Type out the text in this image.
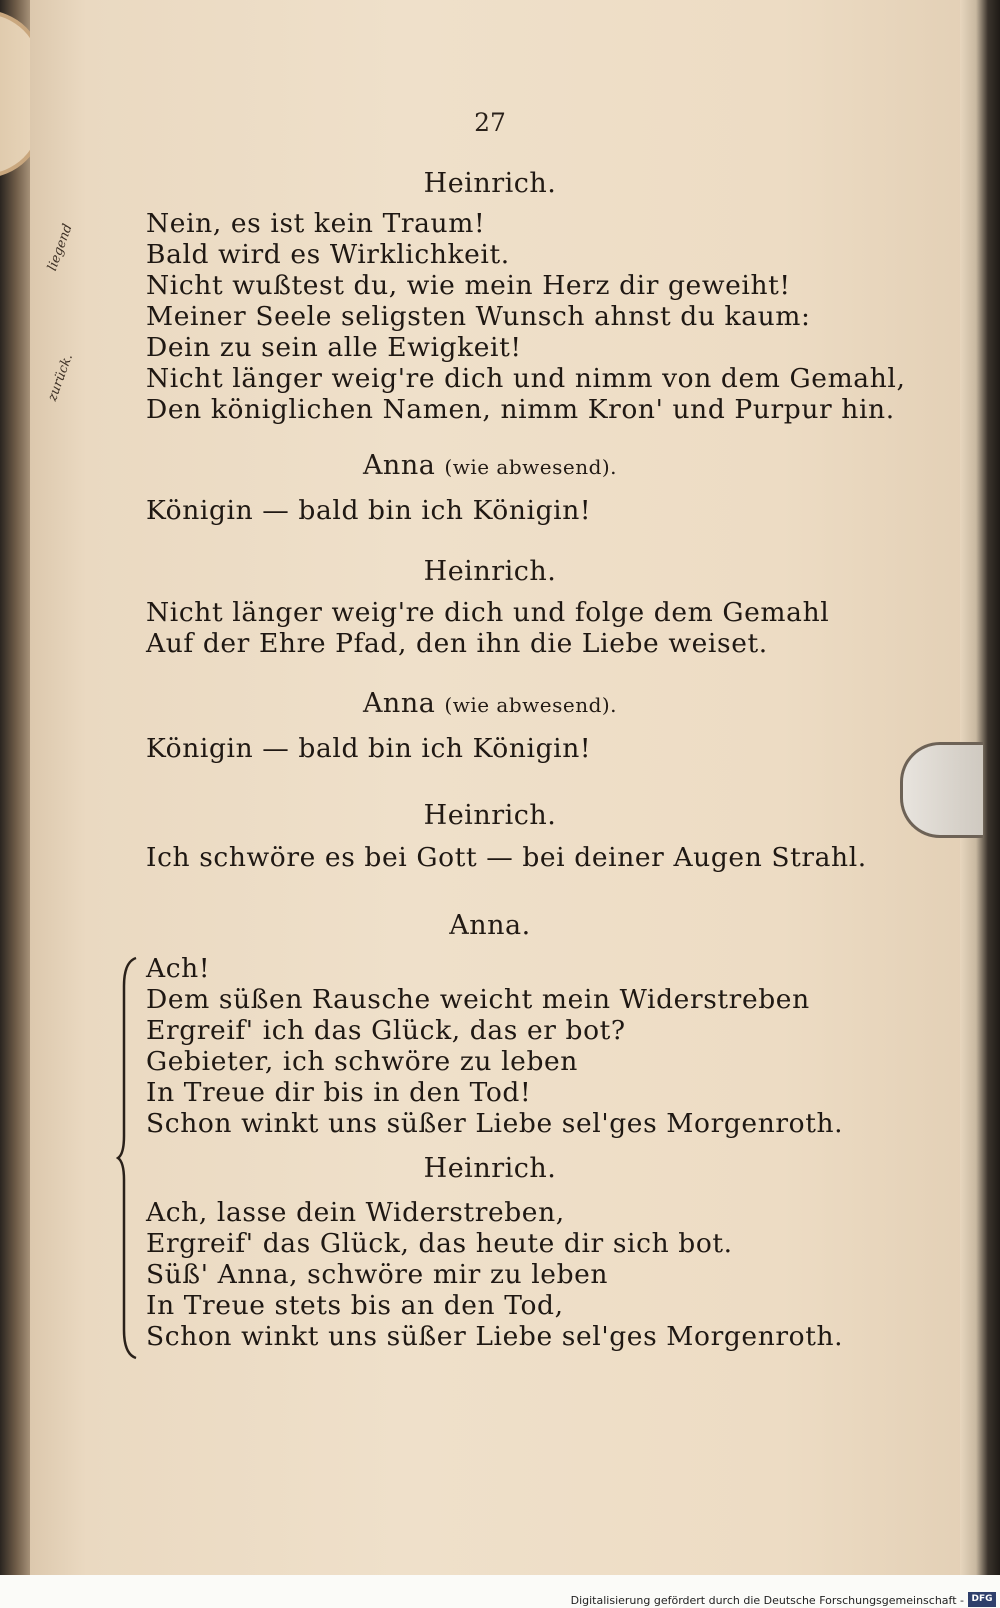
liegend
zurück.
27
Heinrich.
Nein, es ist kein Traum!
Bald wird es Wirklichkeit.
Nicht wußtest du, wie mein Herz dir geweiht!
Meiner Seele seligsten Wunsch ahnst du kaum:
Dein zu sein alle Ewigkeit!
Nicht länger weig're dich und nimm von dem Gemahl,
Den königlichen Namen, nimm Kron' und Purpur hin.
Anna (wie abwesend).
Königin — bald bin ich Königin!
Heinrich.
Nicht länger weig're dich und folge dem Gemahl
Auf der Ehre Pfad, den ihn die Liebe weiset.
Anna (wie abwesend).
Königin — bald bin ich Königin!
Heinrich.
Ich schwöre es bei Gott — bei deiner Augen Strahl.
Anna.
Ach!
Dem süßen Rausche weicht mein Widerstreben
Ergreif' ich das Glück, das er bot?
Gebieter, ich schwöre zu leben
In Treue dir bis in den Tod!
Schon winkt uns süßer Liebe sel'ges Morgenroth.
Heinrich.
Ach, lasse dein Widerstreben,
Ergreif' das Glück, das heute dir sich bot.
Süß' Anna, schwöre mir zu leben
In Treue stets bis an den Tod,
Schon winkt uns süßer Liebe sel'ges Morgenroth.
Digitalisierung gefördert durch die Deutsche Forschungsgemeinschaft - DFG
